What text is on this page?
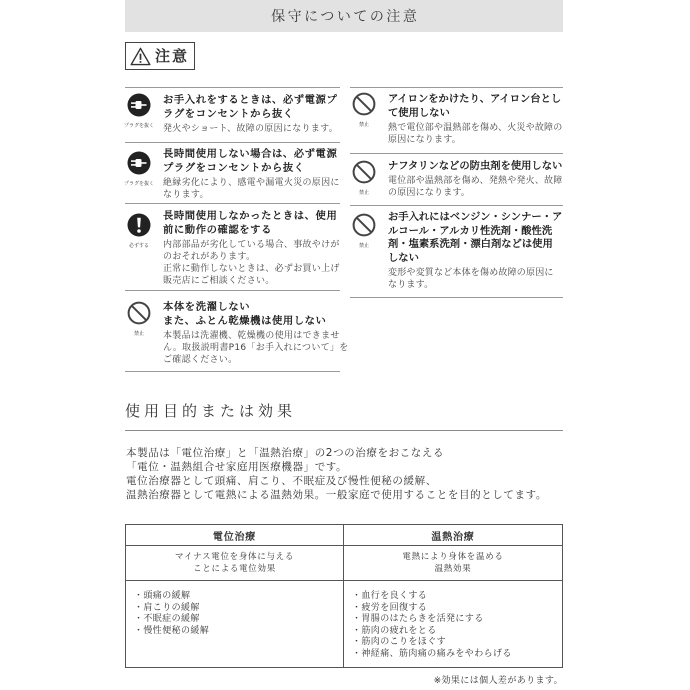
保守についての注意
注意
プラグを抜く
お手入れをするときは、必ず電源プ
ラグをコンセントから抜く
発火やショート、故障の原因になります。
プラグを抜く
長時間使用しない場合は、必ず電源
プラグをコンセントから抜く
絶縁劣化により、感電や漏電火災の原因に
なります。
必ずする
長時間使用しなかったときは、使用
前に動作の確認をする
内部部品が劣化している場合、事故やけが
のおそれがあります。
正常に動作しないときは、必ずお買い上げ
販売店にご相談ください。
禁止
本体を洗濯しない
また、ふとん乾燥機は使用しない
本製品は洗濯機、乾燥機の使用はできませ
ん。取扱説明書P16「お手入れについて」を
ご確認ください。
禁止
アイロンをかけたり、アイロン台とし
て使用しない
熱で電位部や温熱部を傷め、火災や故障の
原因になります。
禁止
ナフタリンなどの防虫剤を使用しない
電位部や温熱部を傷め、発熱や発火、故障
の原因になります。
禁止
お手入れにはベンジン・シンナー・ア
ルコール・アルカリ性洗剤・酸性洗
剤・塩素系洗剤・漂白剤などは使用
しない
変形や変質など本体を傷め故障の原因に
なります。
使用目的または効果
本製品は「電位治療」と「温熱治療」の2つの治療をおこなえる
「電位・温熱組合せ家庭用医療機器」です。
電位治療器として頭痛、肩こり、不眠症及び慢性便秘の緩解、
温熱治療器として電熱による温熱効果。一般家庭で使用することを目的としてます。
電位治療	温熱治療
マイナス電位を身体に与える
ことによる電位効果
電熱により身体を温める
温熱効果
・頭痛の緩解
・肩こりの緩解
・不眠症の緩解
・慢性便秘の緩解
・血行を良くする
・疲労を回復する
・胃腸のはたらきを活発にする
・筋肉の疲れをとる
・筋肉のこりをほぐす
・神経痛、筋肉痛の痛みをやわらげる
※効果には個人差があります。
